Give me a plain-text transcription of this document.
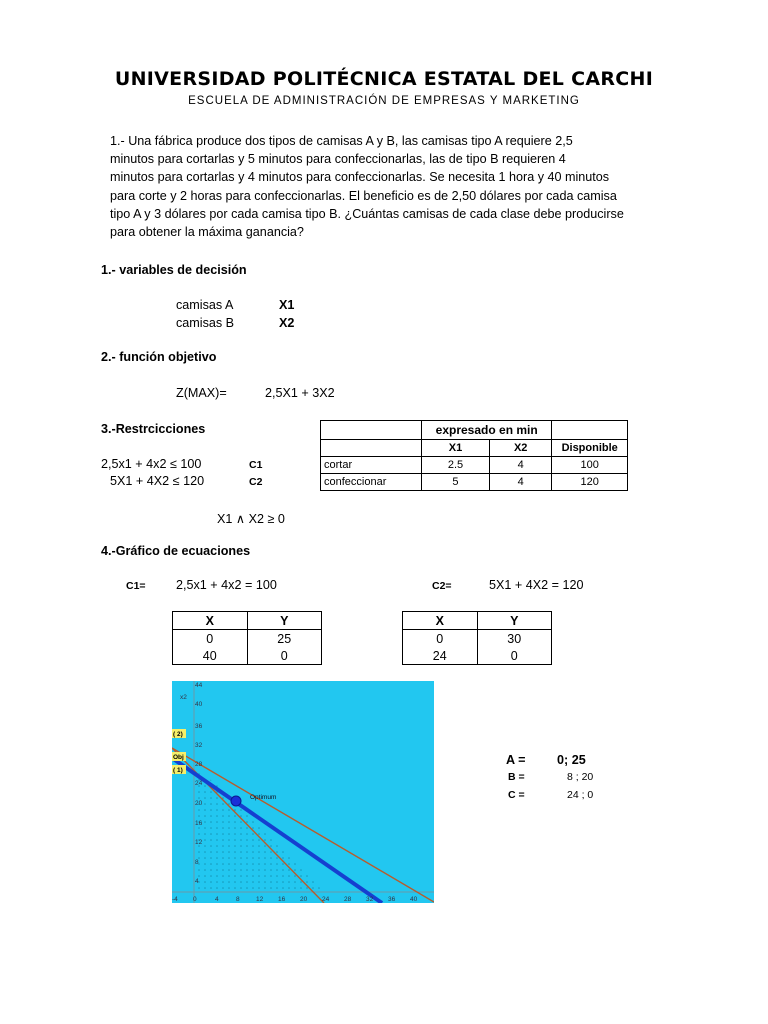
UNIVERSIDAD POLITÉCNICA ESTATAL DEL CARCHI
ESCUELA DE ADMINISTRACIÓN DE EMPRESAS Y MARKETING
1.- Una fábrica produce dos tipos de camisas A y B, las camisas tipo A requiere 2,5
minutos para cortarlas y 5 minutos para confeccionarlas, las de tipo B requieren 4
minutos para cortarlas y 4 minutos para confeccionarlas. Se necesita 1 hora y 40 minutos
para corte y 2 horas para confeccionarlas. El beneficio es de 2,50 dólares por cada camisa
tipo A y 3 dólares por cada camisa tipo B. ¿Cuántas camisas de cada clase debe producirse
para obtener la máxima ganancia?
1.- variables de decisión
camisas A	X1
camisas B	X2
2.- función objetivo
Z(MAX)=	2,5X1 + 3X2
3.-Restrcicciones
2,5x1 + 4x2 ≤ 100	C1
5X1 + 4X2 ≤ 120	C2
X1 ∧ X2 ≥ 0
	expresado en min		
	X1	X2	Disponible
cortar	2.5	4	100
confeccionar	5	4	120
4.-Gráfico de ecuaciones
C1= 2,5x1 + 4x2 = 100	C2=	5X1 + 4X2 = 120
X	Y
0	25
40	0
X	Y
0	30
24	0
x2
44
40
36
32
28
24
20
16
12
8
4
-4 0	4	8	12 16 20 24 28 32 36 40
( 2)
Obj
( 1)
Optimum
A =	0; 25
B =	8 ; 20
C =	24 ; 0
